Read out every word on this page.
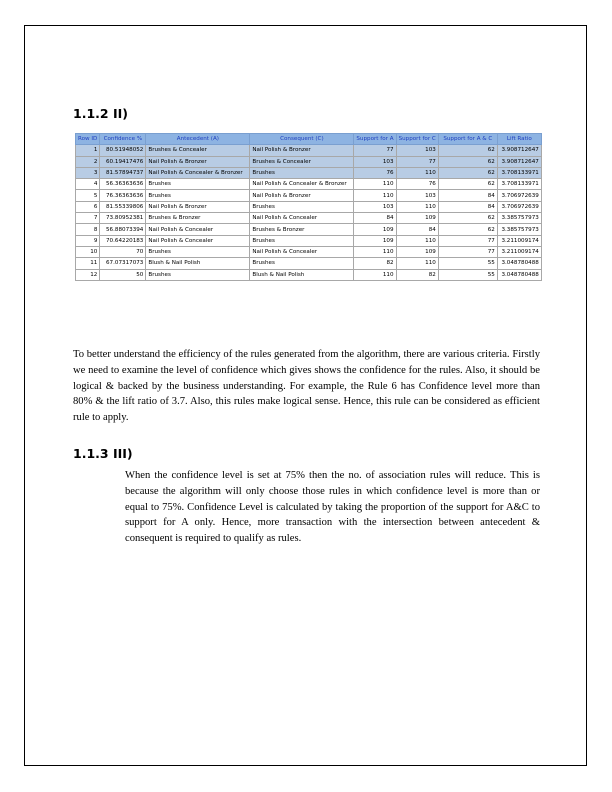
1.1.2 II)
Row ID	Confidence %	Antecedent (A)	Consequent (C)	Support for A	Support for C	Support for A & C	Lift Ratio
1	80.51948052	Brushes & Concealer	Nail Polish & Bronzer	77	103	62	3.908712647
2	60.19417476	Nail Polish & Bronzer	Brushes & Concealer	103	77	62	3.908712647
3	81.57894737	Nail Polish & Concealer & Bronzer	Brushes	76	110	62	3.708133971
4	56.36363636	Brushes	Nail Polish & Concealer & Bronzer	110	76	62	3.708133971
5	76.36363636	Brushes	Nail Polish & Bronzer	110	103	84	3.706972639
6	81.55339806	Nail Polish & Bronzer	Brushes	103	110	84	3.706972639
7	73.80952381	Brushes & Bronzer	Nail Polish & Concealer	84	109	62	3.385757973
8	56.88073394	Nail Polish & Concealer	Brushes & Bronzer	109	84	62	3.385757973
9	70.64220183	Nail Polish & Concealer	Brushes	109	110	77	3.211009174
10	70	Brushes	Nail Polish & Concealer	110	109	77	3.211009174
11	67.07317073	Blush & Nail Polish	Brushes	82	110	55	3.048780488
12	50	Brushes	Blush & Nail Polish	110	82	55	3.048780488

To better understand the efficiency of the rules generated from the algorithm, there are various criteria. Firstly we need to examine the level of confidence which gives shows the confidence for the rules. Also, it should be logical & backed by the business understanding. For example, the Rule 6 has Confidence level more than 80% & the lift ratio of 3.7. Also, this rules make logical sense. Hence, this rule can be considered as efficient rule to apply.

1.1.3 III)

When the confidence level is set at 75% then the no. of association rules will reduce. This is because the algorithm will only choose those rules in which confidence level is more than or equal to 75%. Confidence Level is calculated by taking the proportion of the support for A&C to support for A only. Hence, more transaction with the intersection between antecedent & consequent is required to qualify as rules.
